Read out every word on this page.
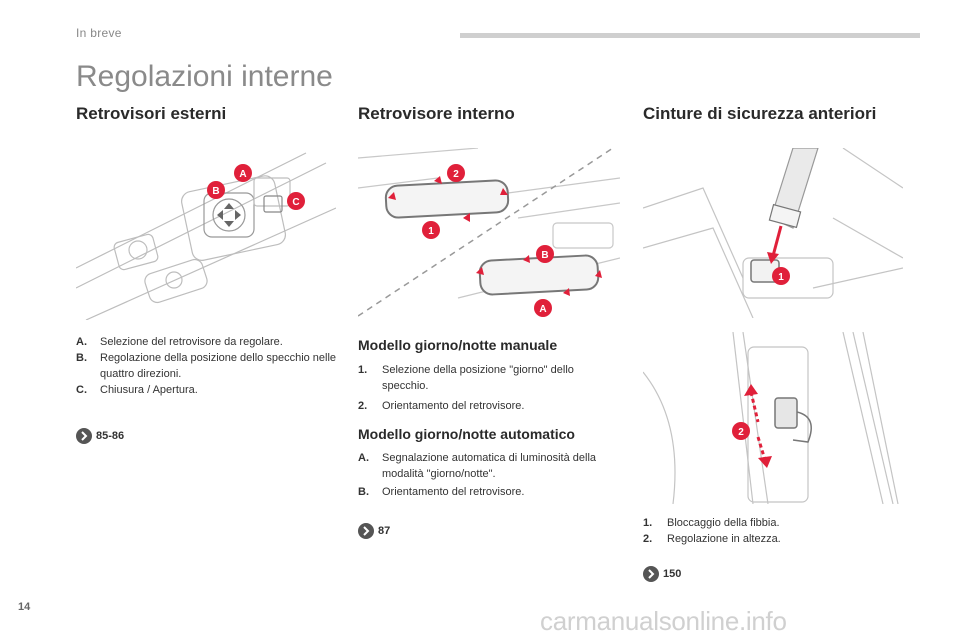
In breve
Regolazioni interne
Retrovisori esterni	Retrovisore interno	Cinture di sicurezza anteriori
A
B
C
2
1
B
A
1
2
A.	Selezione del retrovisore da regolare.
B.	Regolazione della posizione dello specchio nelle quattro direzioni.
C.	Chiusura / Apertura.
85-86
Modello giorno/notte manuale
1.	Selezione della posizione "giorno" dello specchio.
2.	Orientamento del retrovisore.
Modello giorno/notte automatico
A.	Segnalazione automatica di luminosità della modalità "giorno/notte".
B.	Orientamento del retrovisore.
87
1.	Bloccaggio della fibbia.
2.	Regolazione in altezza.
150
14	carmanualsonline.info
